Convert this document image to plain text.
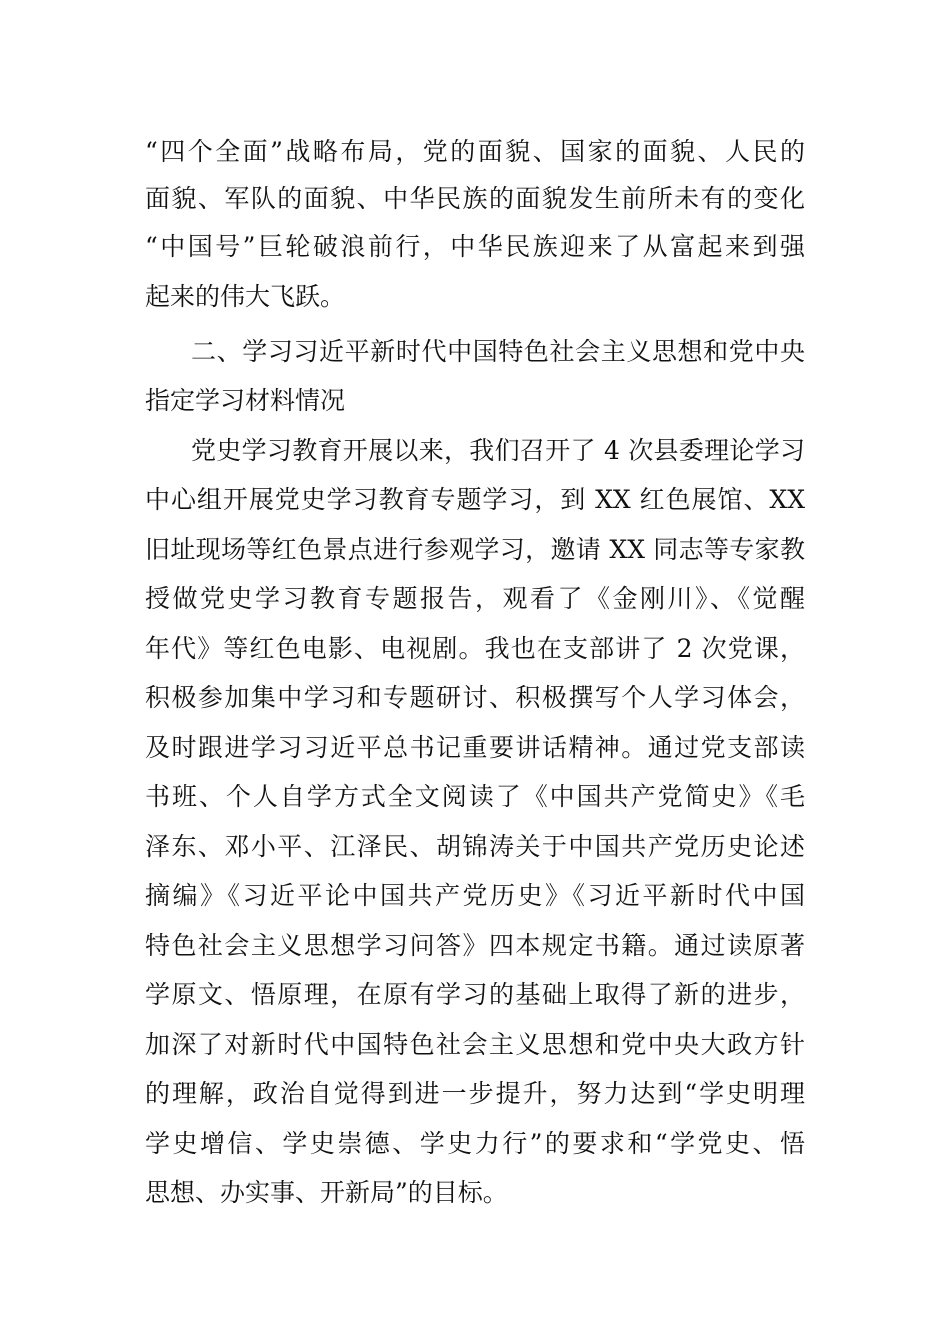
“四个全面”战略布局，党的面貌、国家的面貌、人民的
面貌、军队的面貌、中华民族的面貌发生前所未有的变化
“中国号”巨轮破浪前行，中华民族迎来了从富起来到强
起来的伟大飞跃。
二、学习习近平新时代中国特色社会主义思想和党中央
指定学习材料情况
党史学习教育开展以来，我们召开了 4 次县委理论学习
中心组开展党史学习教育专题学习，到 XX 红色展馆、XX
旧址现场等红色景点进行参观学习，邀请 XX 同志等专家教
授做党史学习教育专题报告，观看了《金刚川》、《觉醒
年代》等红色电影、电视剧。我也在支部讲了 2 次党课，
积极参加集中学习和专题研讨、积极撰写个人学习体会，
及时跟进学习习近平总书记重要讲话精神。通过党支部读
书班、个人自学方式全文阅读了《中国共产党简史》《毛
泽东、邓小平、江泽民、胡锦涛关于中国共产党历史论述
摘编》《习近平论中国共产党历史》《习近平新时代中国
特色社会主义思想学习问答》四本规定书籍。通过读原著
学原文、悟原理，在原有学习的基础上取得了新的进步，
加深了对新时代中国特色社会主义思想和党中央大政方针
的理解，政治自觉得到进一步提升，努力达到“学史明理
学史增信、学史崇德、学史力行”的要求和“学党史、悟
思想、办实事、开新局”的目标。
